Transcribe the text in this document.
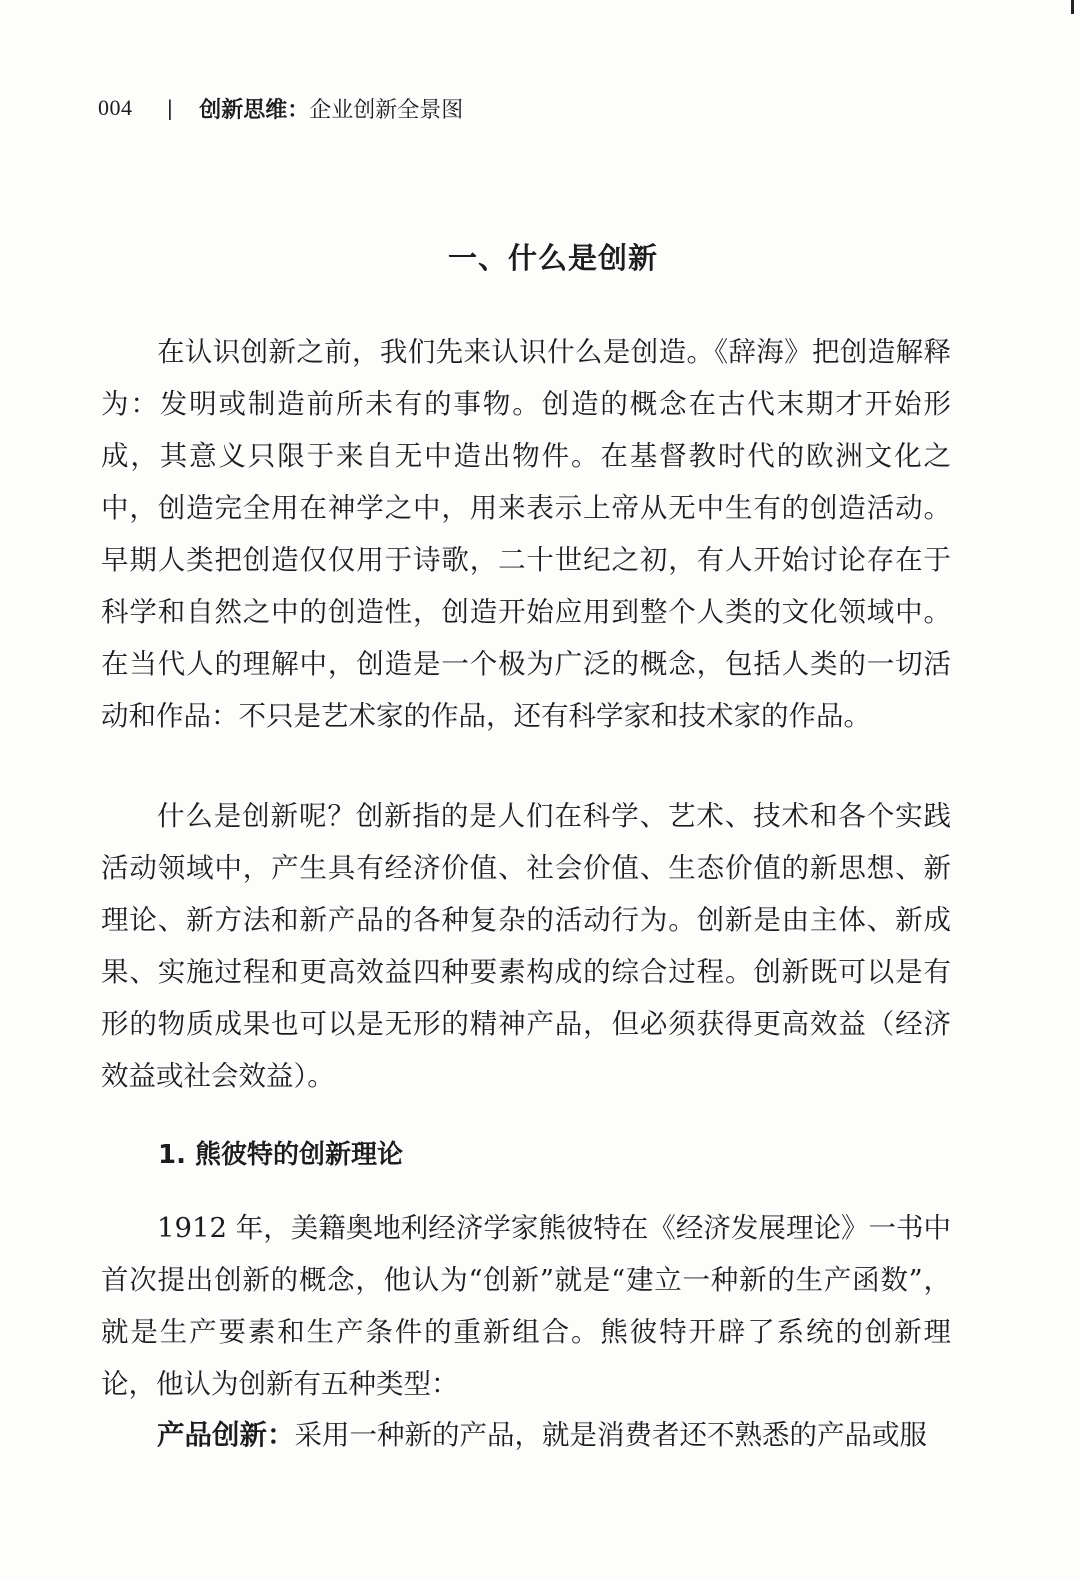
004 | 创新思维： 企业创新全景图
一、什么是创新

在认识创新之前，我们先来认识什么是创造。《辞海》把创造解释为：发明或制造前所未有的事物。创造的概念在古代末期才开始形成，其意义只限于来自无中造出物件。在基督教时代的欧洲文化之中，创造完全用在神学之中，用来表示上帝从无中生有的创造活动。早期人类把创造仅仅用于诗歌，二十世纪之初，有人开始讨论存在于科学和自然之中的创造性，创造开始应用到整个人类的文化领域中。在当代人的理解中，创造是一个极为广泛的概念，包括人类的一切活动和作品：不只是艺术家的作品，还有科学家和技术家的作品。

什么是创新呢？创新指的是人们在科学、艺术、技术和各个实践活动领域中，产生具有经济价值、社会价值、生态价值的新思想、新理论、新方法和新产品的各种复杂的活动行为。创新是由主体、新成果、实施过程和更高效益四种要素构成的综合过程。创新既可以是有形的物质成果也可以是无形的精神产品，但必须获得更高效益（经济效益或社会效益）。

1. 熊彼特的创新理论

1912 年，美籍奥地利经济学家熊彼特在《经济发展理论》一书中首次提出创新的概念，他认为“创新”就是“建立一种新的生产函数”，就是生产要素和生产条件的重新组合。熊彼特开辟了系统的创新理论，他认为创新有五种类型：

产品创新：采用一种新的产品，就是消费者还不熟悉的产品或服
